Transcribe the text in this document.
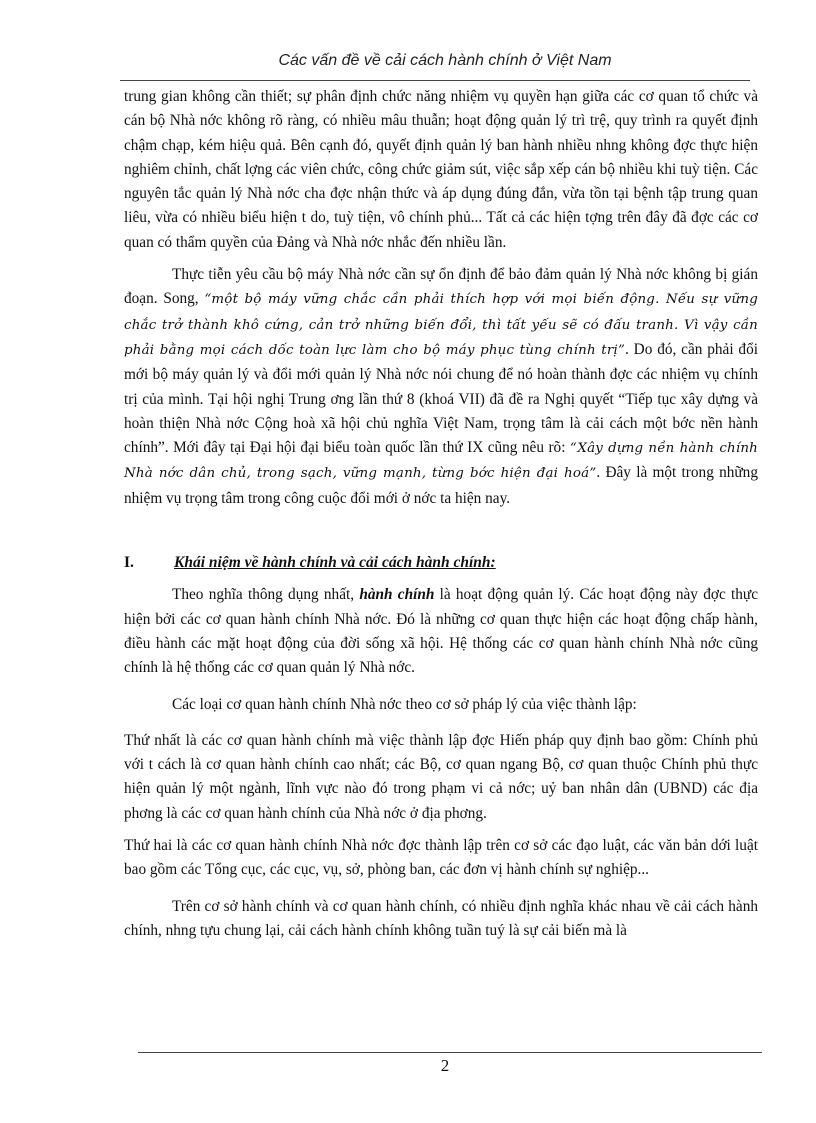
Các vấn đề về cải cách hành chính ở Việt Nam

trung gian không cần thiết; sự phân định chức năng nhiệm vụ quyền hạn giữa các cơ quan tổ chức và cán bộ Nhà nớc không rõ ràng, có nhiều mâu thuẫn; hoạt động quản lý trì trệ, quy trình ra quyết định chậm chạp, kém hiệu quả. Bên cạnh đó, quyết định quản lý ban hành nhiều nhng không đợc thực hiện nghiêm chỉnh, chất lợng các viên chức, công chức giảm sút, việc sắp xếp cán bộ nhiều khi tuỳ tiện. Các nguyên tắc quản lý Nhà nớc cha đợc nhận thức và áp dụng đúng đắn, vừa tồn tại bệnh tập trung quan liêu, vừa có nhiều biểu hiện t do, tuỳ tiện, vô chính phủ... Tất cả các hiện tợng trên đây đã đợc các cơ quan có thẩm quyền của Đảng và Nhà nớc nhắc đến nhiều lần.

Thực tiễn yêu cầu bộ máy Nhà nớc cần sự ổn định để bảo đảm quản lý Nhà nớc không bị gián đoạn. Song, “một bộ máy vững chắc cần phải thích hợp với mọi biến động. Nếu sự vững chắc trở thành khô cứng, cản trở những biến đổi, thì tất yếu sẽ có đấu tranh. Vì vậy cần phải bằng mọi cách dốc toàn lực làm cho bộ máy phục tùng chính trị”. Do đó, cần phải đổi mới bộ máy quản lý và đổi mới quản lý Nhà nớc nói chung để nó hoàn thành đợc các nhiệm vụ chính trị của mình. Tại hội nghị Trung ơng lần thứ 8 (khoá VII) đã đề ra Nghị quyết “Tiếp tục xây dựng và hoàn thiện Nhà nớc Cộng hoà xã hội chủ nghĩa Việt Nam, trọng tâm là cải cách một bớc nền hành chính”. Mới đây tại Đại hội đại biểu toàn quốc lần thứ IX cũng nêu rõ: “Xây dựng nền hành chính Nhà nớc dân chủ, trong sạch, vững mạnh, từng bớc hiện đại hoá”. Đây là một trong những nhiệm vụ trọng tâm trong công cuộc đổi mới ở nớc ta hiện nay.

I.	Khái niệm về hành chính và cải cách hành chính:

Theo nghĩa thông dụng nhất, hành chính là hoạt động quản lý. Các hoạt động này đợc thực hiện bởi các cơ quan hành chính Nhà nớc. Đó là những cơ quan thực hiện các hoạt động chấp hành, điều hành các mặt hoạt động của đời sống xã hội. Hệ thống các cơ quan hành chính Nhà nớc cũng chính là hệ thống các cơ quan quản lý Nhà nớc.

Các loại cơ quan hành chính Nhà nớc theo cơ sở pháp lý của việc thành lập:

Thứ nhất là các cơ quan hành chính mà việc thành lập đợc Hiến pháp quy định bao gồm: Chính phủ với t cách là cơ quan hành chính cao nhất; các Bộ, cơ quan ngang Bộ, cơ quan thuộc Chính phủ thực hiện quản lý một ngành, lĩnh vực nào đó trong phạm vi cả nớc; uỷ ban nhân dân (UBND) các địa phơng là các cơ quan hành chính của Nhà nớc ở địa phơng.

Thứ hai là các cơ quan hành chính Nhà nớc đợc thành lập trên cơ sở các đạo luật, các văn bản dới luật bao gồm các Tổng cục, các cục, vụ, sở, phòng ban, các đơn vị hành chính sự nghiệp...

Trên cơ sở hành chính và cơ quan hành chính, có nhiều định nghĩa khác nhau về cải cách hành chính, nhng tựu chung lại, cải cách hành chính không tuần tuý là sự cải biến mà là

2
